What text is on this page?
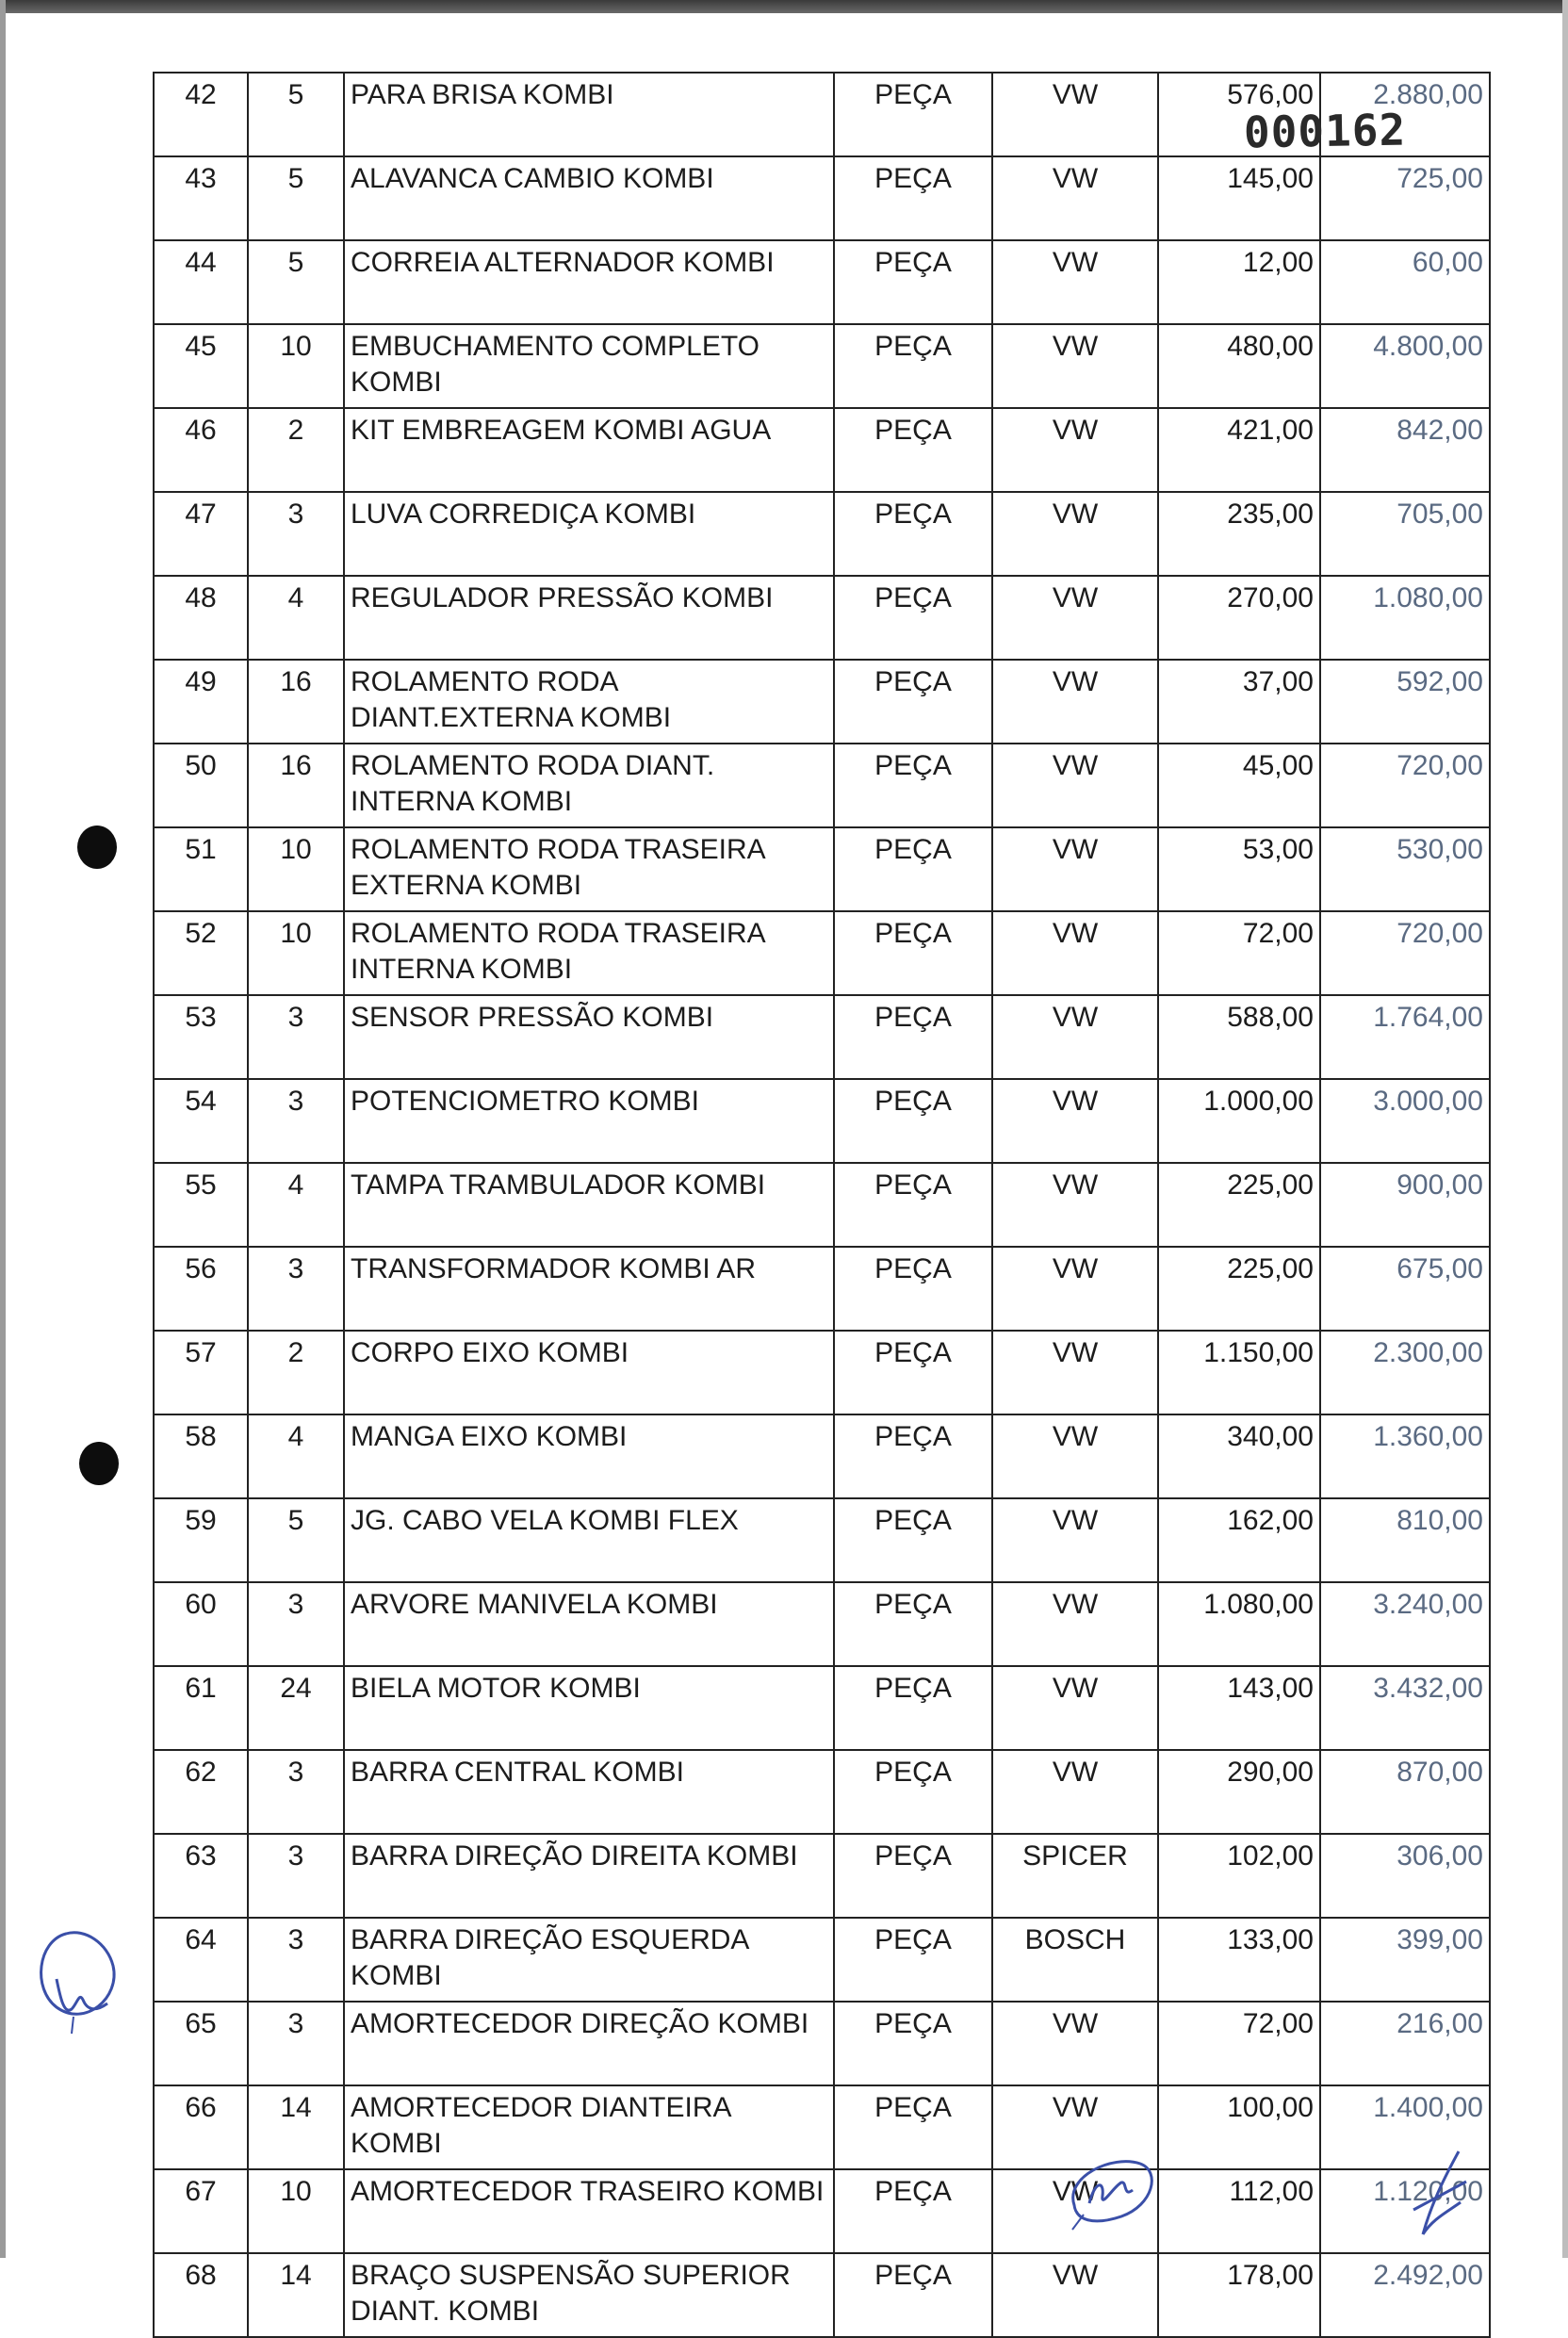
42	5	PARA BRISA KOMBI	PEÇA	VW	576,00	2.880,00
43	5	ALAVANCA CAMBIO KOMBI	PEÇA	VW	145,00	725,00
44	5	CORREIA ALTERNADOR KOMBI	PEÇA	VW	12,00	60,00
45	10	EMBUCHAMENTO COMPLETO KOMBI	PEÇA	VW	480,00	4.800,00
46	2	KIT EMBREAGEM KOMBI AGUA	PEÇA	VW	421,00	842,00
47	3	LUVA CORREDIÇA KOMBI	PEÇA	VW	235,00	705,00
48	4	REGULADOR PRESSÃO KOMBI	PEÇA	VW	270,00	1.080,00
49	16	ROLAMENTO RODA DIANT.EXTERNA KOMBI	PEÇA	VW	37,00	592,00
50	16	ROLAMENTO RODA DIANT. INTERNA KOMBI	PEÇA	VW	45,00	720,00
51	10	ROLAMENTO RODA TRASEIRA EXTERNA KOMBI	PEÇA	VW	53,00	530,00
52	10	ROLAMENTO RODA TRASEIRA INTERNA KOMBI	PEÇA	VW	72,00	720,00
53	3	SENSOR PRESSÃO KOMBI	PEÇA	VW	588,00	1.764,00
54	3	POTENCIOMETRO KOMBI	PEÇA	VW	1.000,00	3.000,00
55	4	TAMPA TRAMBULADOR KOMBI	PEÇA	VW	225,00	900,00
56	3	TRANSFORMADOR KOMBI AR	PEÇA	VW	225,00	675,00
57	2	CORPO EIXO KOMBI	PEÇA	VW	1.150,00	2.300,00
58	4	MANGA EIXO KOMBI	PEÇA	VW	340,00	1.360,00
59	5	JG. CABO VELA KOMBI FLEX	PEÇA	VW	162,00	810,00
60	3	ARVORE MANIVELA KOMBI	PEÇA	VW	1.080,00	3.240,00
61	24	BIELA MOTOR KOMBI	PEÇA	VW	143,00	3.432,00
62	3	BARRA CENTRAL KOMBI	PEÇA	VW	290,00	870,00
63	3	BARRA DIREÇÃO DIREITA KOMBI	PEÇA	SPICER	102,00	306,00
64	3	BARRA DIREÇÃO ESQUERDA KOMBI	PEÇA	BOSCH	133,00	399,00
65	3	AMORTECEDOR DIREÇÃO KOMBI	PEÇA	VW	72,00	216,00
66	14	AMORTECEDOR DIANTEIRA KOMBI	PEÇA	VW	100,00	1.400,00
67	10	AMORTECEDOR TRASEIRO KOMBI	PEÇA	VW	112,00	1.120,00
68	14	BRAÇO SUSPENSÃO SUPERIOR DIANT. KOMBI	PEÇA	VW	178,00	2.492,00
000162
